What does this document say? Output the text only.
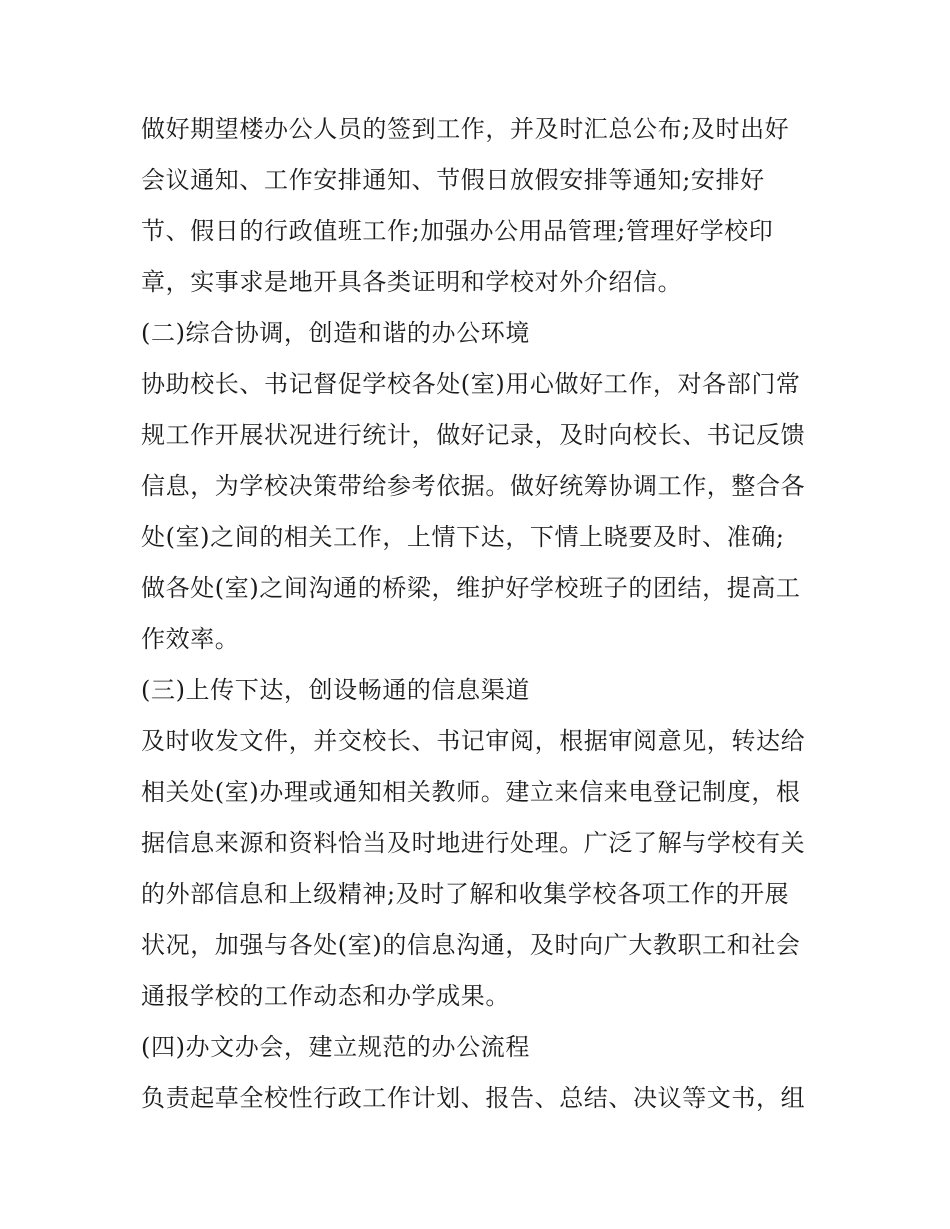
做好期望楼办公人员的签到工作，并及时汇总公布;及时出好
会议通知、工作安排通知、节假日放假安排等通知;安排好
节、假日的行政值班工作;加强办公用品管理;管理好学校印
章，实事求是地开具各类证明和学校对外介绍信。
(二)综合协调，创造和谐的办公环境
协助校长、书记督促学校各处(室)用心做好工作，对各部门常
规工作开展状况进行统计，做好记录，及时向校长、书记反馈
信息，为学校决策带给参考依据。做好统筹协调工作，整合各
处(室)之间的相关工作，上情下达，下情上晓要及时、准确;
做各处(室)之间沟通的桥梁，维护好学校班子的团结，提高工
作效率。
(三)上传下达，创设畅通的信息渠道
及时收发文件，并交校长、书记审阅，根据审阅意见，转达给
相关处(室)办理或通知相关教师。建立来信来电登记制度，根
据信息来源和资料恰当及时地进行处理。广泛了解与学校有关
的外部信息和上级精神;及时了解和收集学校各项工作的开展
状况，加强与各处(室)的信息沟通，及时向广大教职工和社会
通报学校的工作动态和办学成果。
(四)办文办会，建立规范的办公流程
负责起草全校性行政工作计划、报告、总结、决议等文书，组
